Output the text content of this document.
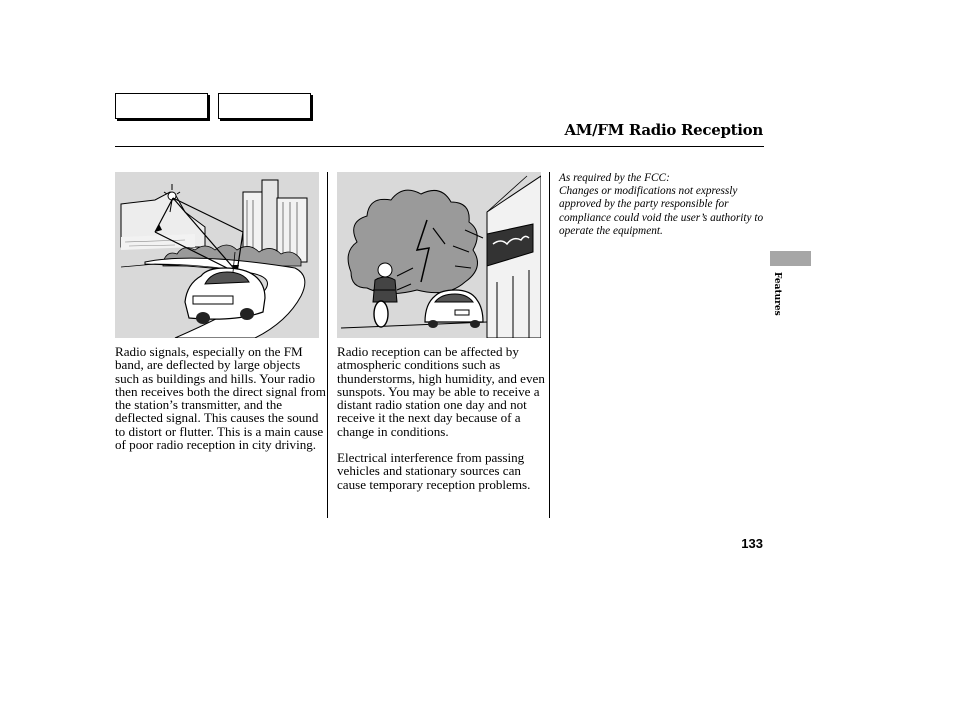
AM/FM Radio Reception
Radio signals, especially on the FM band, are deflected by large objects such as buildings and hills. Your radio then receives both the direct signal from the station’s transmitter, and the deflected signal. This causes the sound to distort or flutter. This is a main cause of poor radio reception in city driving.
Radio reception can be affected by atmospheric conditions such as thunderstorms, high humidity, and even sunspots. You may be able to receive a distant radio station one day and not receive it the next day because of a change in conditions.
Electrical interference from passing vehicles and stationary sources can cause temporary reception problems.

As required by the FCC:

Changes or modifications not expressly approved by the party responsible for compliance could void the user’s authority to operate the equipment.

Features
133
